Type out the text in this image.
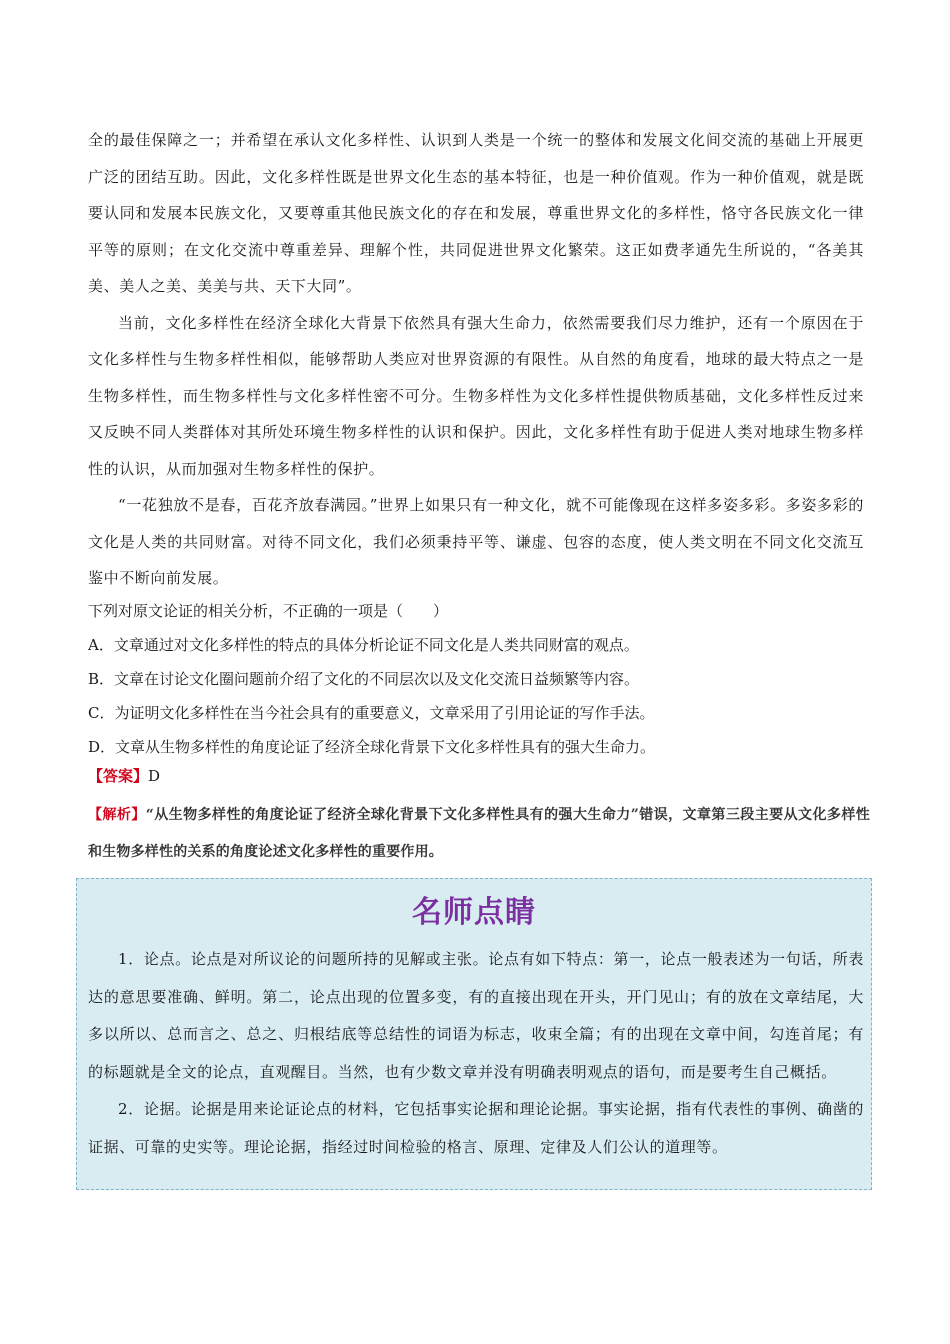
全的最佳保障之一；并希望在承认文化多样性、认识到人类是一个统一的整体和发展文化间交流的基础上开展更广泛的团结互助。因此，文化多样性既是世界文化生态的基本特征，也是一种价值观。作为一种价值观，就是既要认同和发展本民族文化，又要尊重其他民族文化的存在和发展，尊重世界文化的多样性，恪守各民族文化一律平等的原则；在文化交流中尊重差异、理解个性，共同促进世界文化繁荣。这正如费孝通先生所说的，“各美其美、美人之美、美美与共、天下大同”。

当前，文化多样性在经济全球化大背景下依然具有强大生命力，依然需要我们尽力维护，还有一个原因在于文化多样性与生物多样性相似，能够帮助人类应对世界资源的有限性。从自然的角度看，地球的最大特点之一是生物多样性，而生物多样性与文化多样性密不可分。生物多样性为文化多样性提供物质基础，文化多样性反过来又反映不同人类群体对其所处环境生物多样性的认识和保护。因此，文化多样性有助于促进人类对地球生物多样性的认识，从而加强对生物多样性的保护。

“一花独放不是春，百花齐放春满园。”世界上如果只有一种文化，就不可能像现在这样多姿多彩。多姿多彩的文化是人类的共同财富。对待不同文化，我们必须秉持平等、谦虚、包容的态度，使人类文明在不同文化交流互鉴中不断向前发展。

下列对原文论证的相关分析，不正确的一项是（　　）
A．文章通过对文化多样性的特点的具体分析论证不同文化是人类共同财富的观点。
B．文章在讨论文化圈问题前介绍了文化的不同层次以及文化交流日益频繁等内容。
C．为证明文化多样性在当今社会具有的重要意义，文章采用了引用论证的写作手法。
D．文章从生物多样性的角度论证了经济全球化背景下文化多样性具有的强大生命力。
【答案】D
【解析】“从生物多样性的角度论证了经济全球化背景下文化多样性具有的强大生命力”错误，文章第三段主要从文化多样性和生物多样性的关系的角度论述文化多样性的重要作用。
名师点睛

1．论点。论点是对所议论的问题所持的见解或主张。论点有如下特点：第一，论点一般表述为一句话，所表达的意思要准确、鲜明。第二，论点出现的位置多变，有的直接出现在开头，开门见山；有的放在文章结尾，大多以所以、总而言之、总之、归根结底等总结性的词语为标志，收束全篇；有的出现在文章中间，勾连首尾；有的标题就是全文的论点，直观醒目。当然，也有少数文章并没有明确表明观点的语句，而是要考生自己概括。

2．论据。论据是用来论证论点的材料，它包括事实论据和理论论据。事实论据，指有代表性的事例、确凿的证据、可靠的史实等。理论论据，指经过时间检验的格言、原理、定律及人们公认的道理等。
